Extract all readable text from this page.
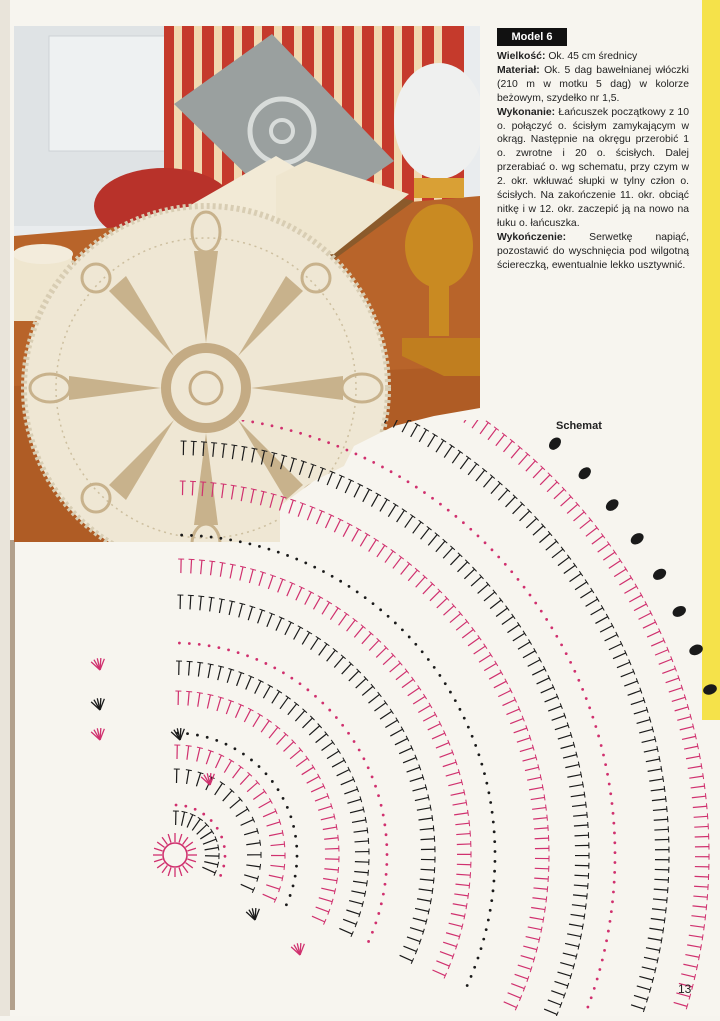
Model 6

Wielkość: Ok. 45 cm średnicy

Materiał: Ok. 5 dag bawełnianej włóczki (210 m w motku 5 dag) w kolorze beżowym, szydełko nr 1,5.

Wykonanie: Łańcuszek początkowy z 10 o. połączyć o. ścisłym zamykającym w okrąg. Następnie na okręgu przerobić 1 o. zwrotne i 20 o. ścisłych. Dalej przerabiać o. wg schematu, przy czym w 2. okr. wkłuwać słupki w tylny człon o. ścisłych. Na zakończenie 11. okr. obciąć nitkę i w 12. okr. zaczepić ją na nowo na łuku o. łańcuszka.

Wykończenie: Serwetkę napiąć, pozostawić do wyschnięcia pod wilgotną ściereczką, ewentualnie lekko usztywnić.

Schemat
13
